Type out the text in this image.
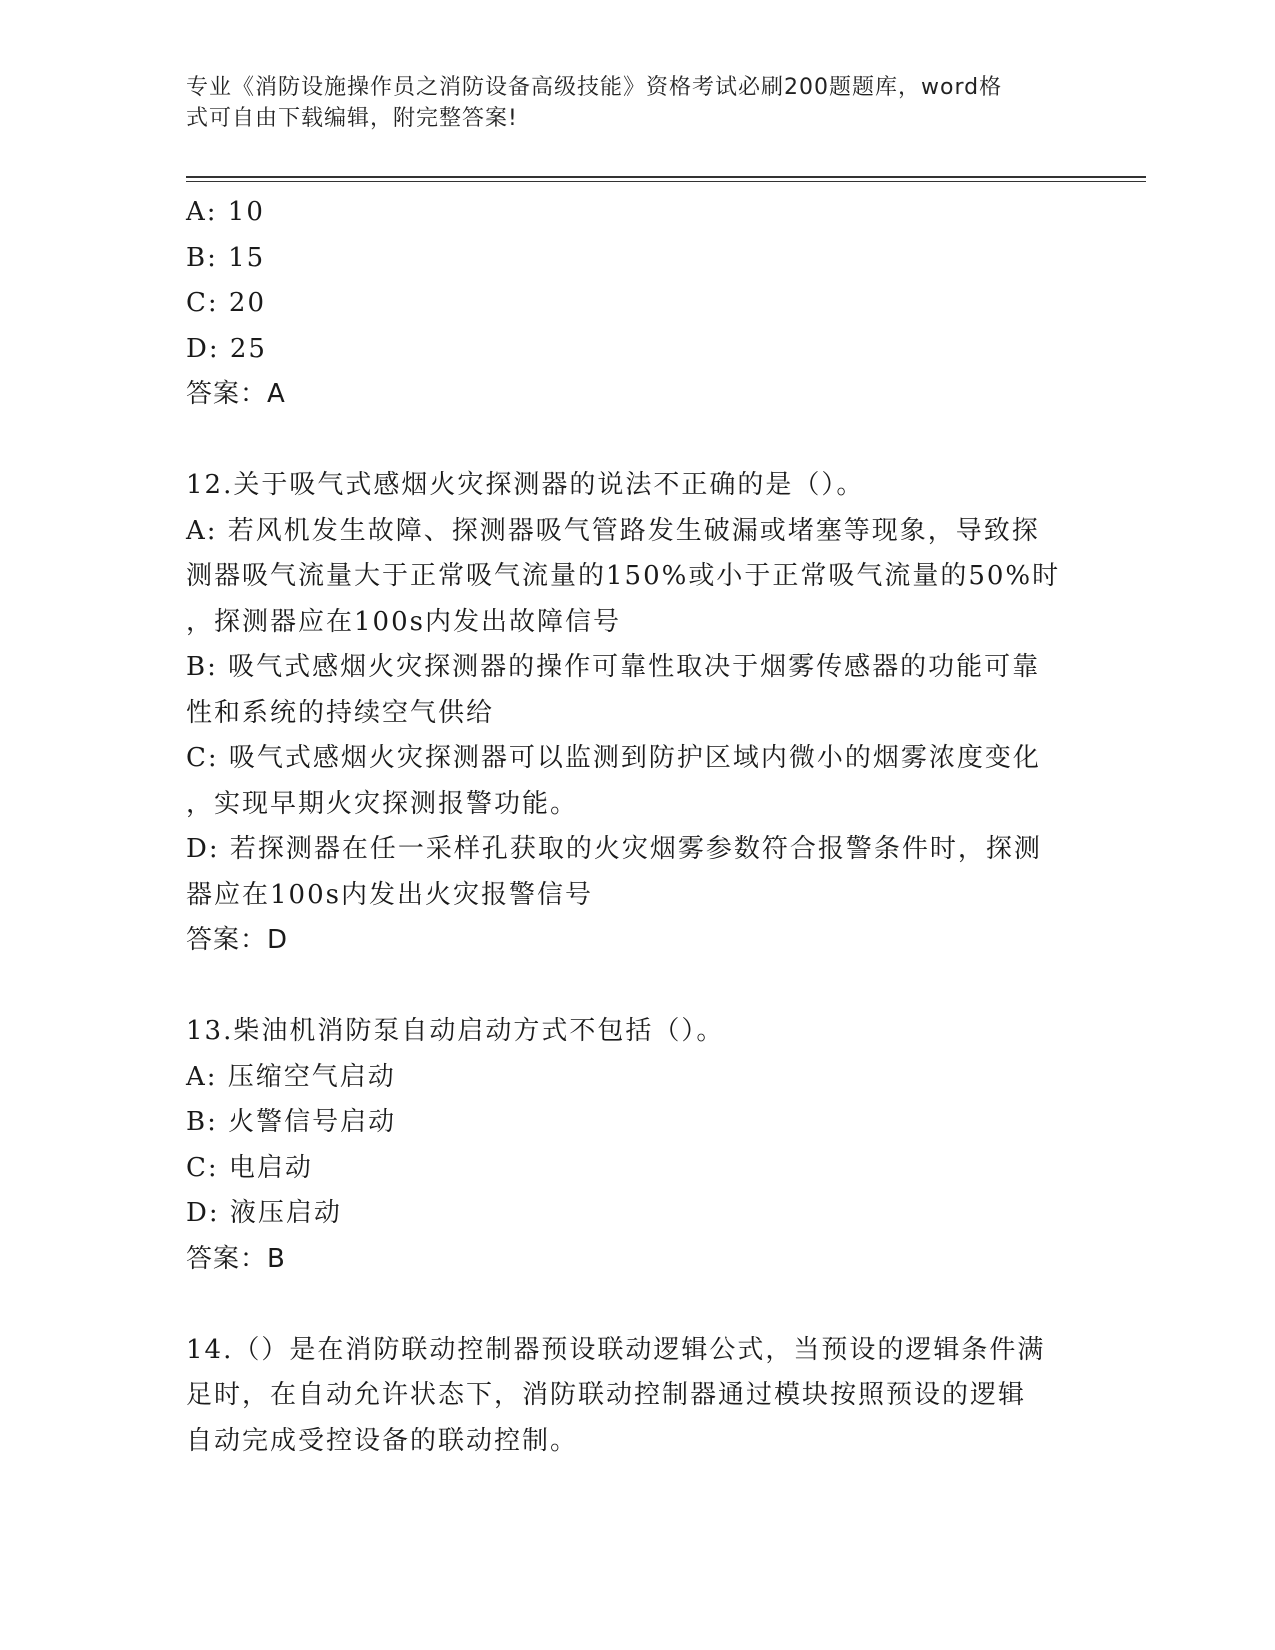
专业《消防设施操作员之消防设备高级技能》资格考试必刷200题题库，word格
式可自由下载编辑，附完整答案!
A: 10
B: 15
C: 20
D: 25
答案：A
12.关于吸气式感烟火灾探测器的说法不正确的是（）。
A: 若风机发生故障、探测器吸气管路发生破漏或堵塞等现象，导致探
测器吸气流量大于正常吸气流量的150%或小于正常吸气流量的50%时
，探测器应在100s内发出故障信号
B: 吸气式感烟火灾探测器的操作可靠性取决于烟雾传感器的功能可靠
性和系统的持续空气供给
C: 吸气式感烟火灾探测器可以监测到防护区域内微小的烟雾浓度变化
，实现早期火灾探测报警功能。
D: 若探测器在任一采样孔获取的火灾烟雾参数符合报警条件时，探测
器应在100s内发出火灾报警信号
答案：D
13.柴油机消防泵自动启动方式不包括（）。
A: 压缩空气启动
B: 火警信号启动
C: 电启动
D: 液压启动
答案：B
14.（）是在消防联动控制器预设联动逻辑公式，当预设的逻辑条件满
足时，在自动允许状态下，消防联动控制器通过模块按照预设的逻辑
自动完成受控设备的联动控制。
